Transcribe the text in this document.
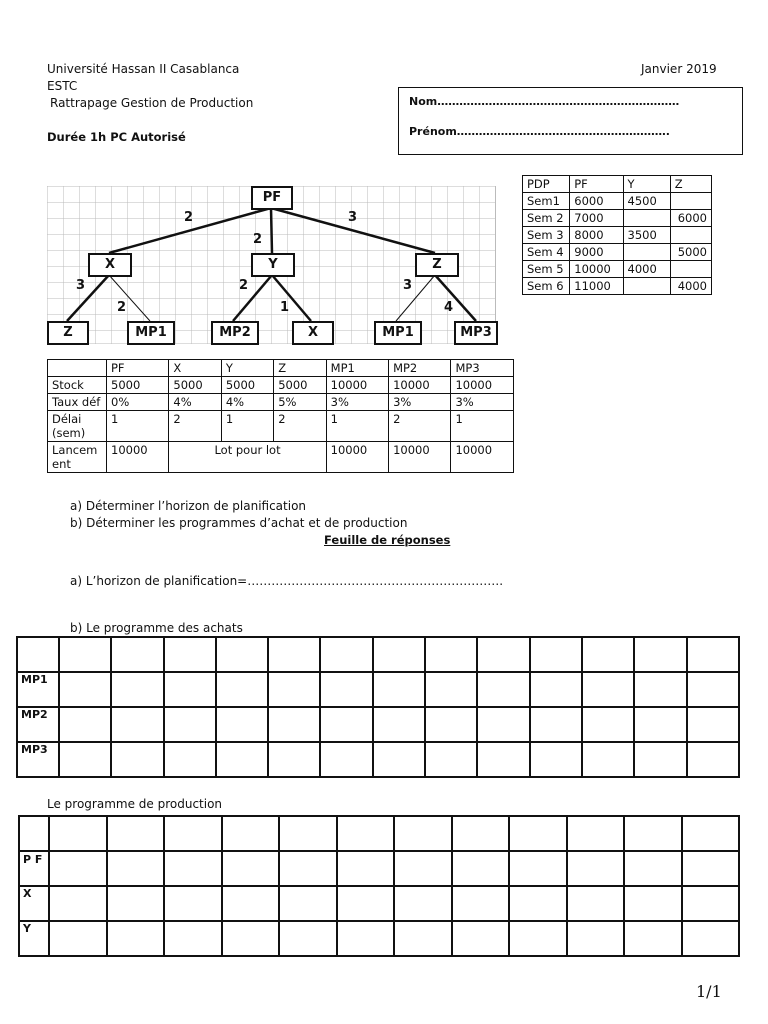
Université Hassan II Casablanca
ESTC
Rattrapage Gestion de Production
Durée 1h PC Autorisé
Janvier 2019
Nom…………………………………………………………
Prénom………………………………………………….
PF
X	Y	Z
Z	MP1	MP2	X	MP1	MP3
2
2
3
3
2
2
1
3
4
PDP	PF	Y	Z
Sem1	6000	4500	
Sem 2	7000		6000
Sem 3	8000	3500	
Sem 4	9000		5000
Sem 5	10000	4000	
Sem 6	11000		4000
	PF	X	Y	Z	MP1	MP2	MP3
Stock	5000	5000	5000	5000	10000	10000	10000
Taux déf	0%	4%	4%	5%	3%	3%	3%
Délai (sem)	1	2	1	2	1	2	1
Lancement	10000	Lot pour lot			10000	10000	10000
a) Déterminer l’horizon de planification
b) Déterminer les programmes d’achat et de production
Feuille de réponses
a) L’horizon de planification=……………………………………………………….
b) Le programme des achats

MP1													
MP2													
MP3													
Le programme de production

P F												
X												
Y												
1/1
